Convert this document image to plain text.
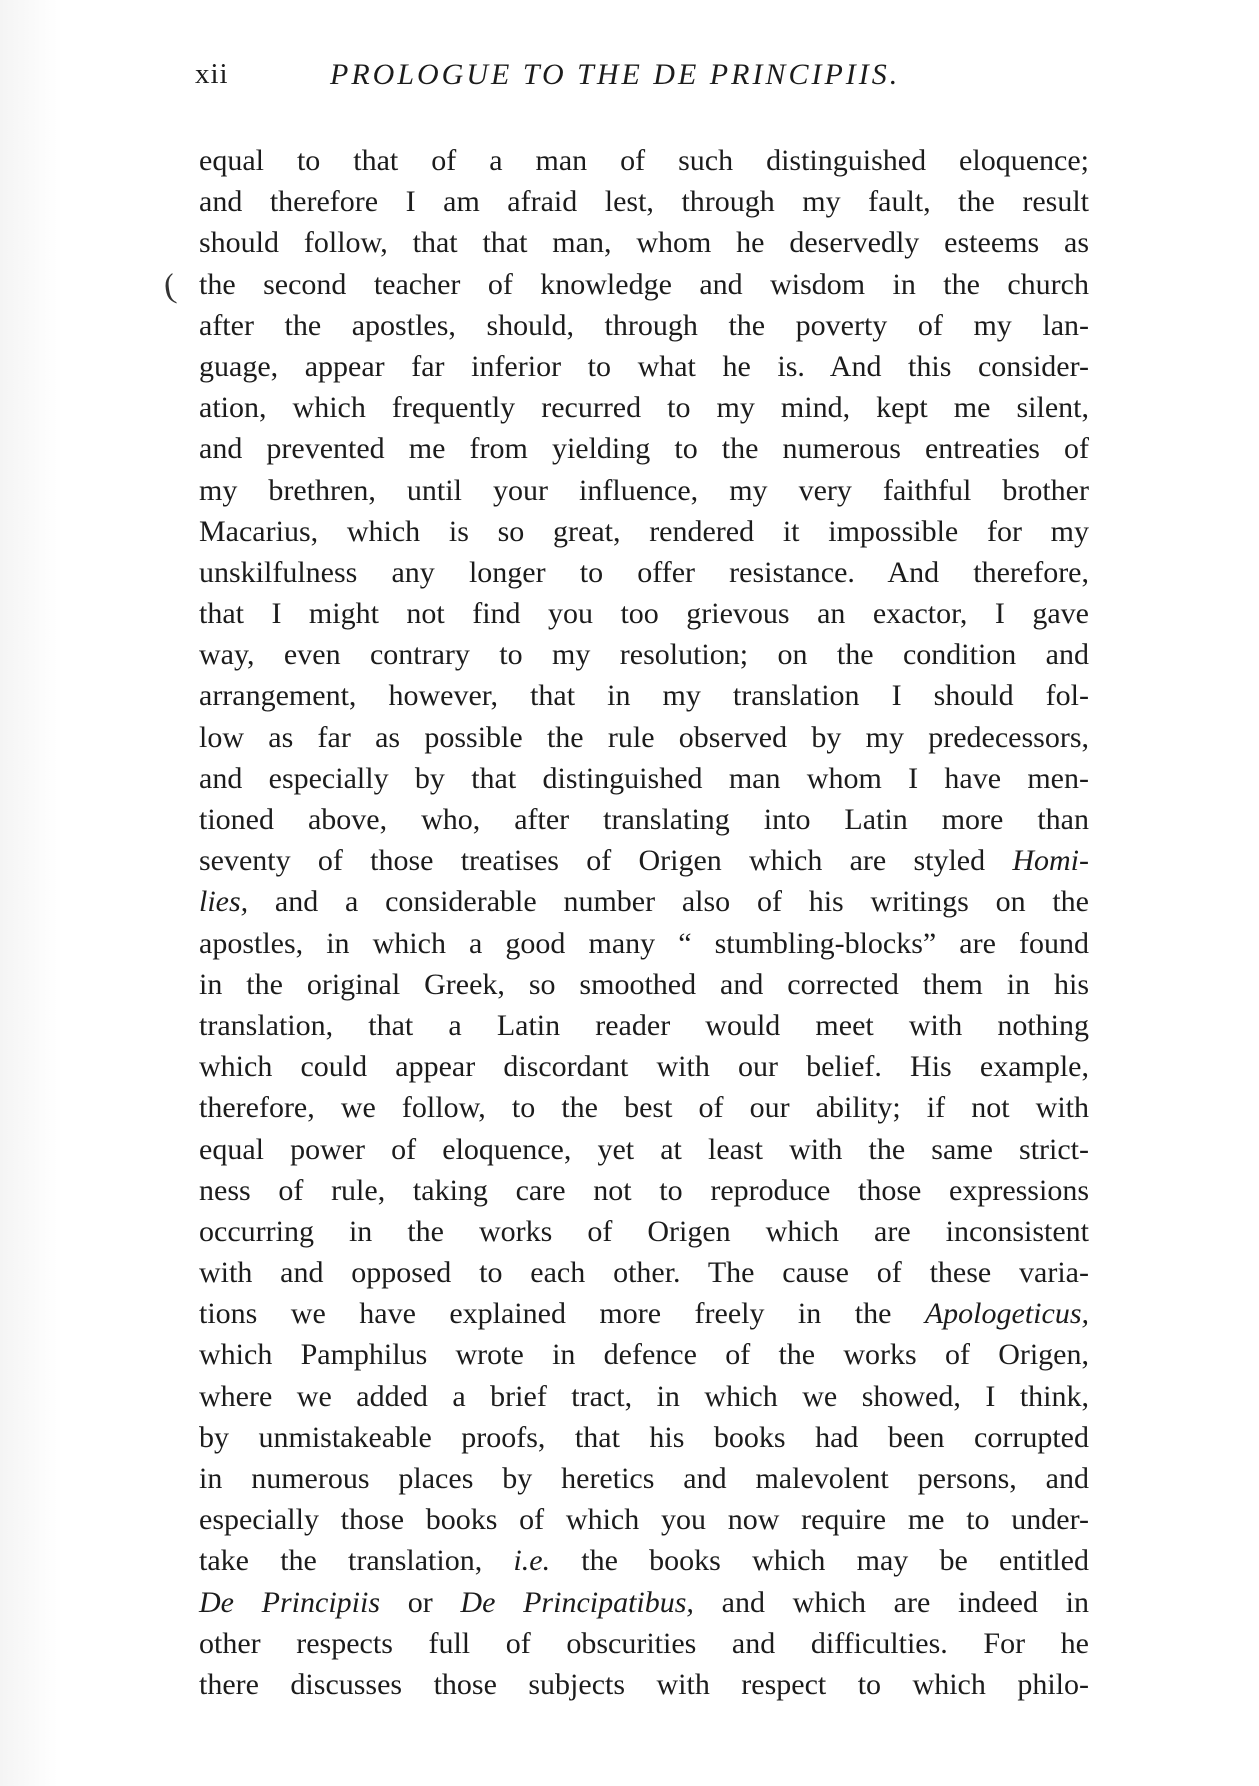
xii	PROLOGUE TO THE DE PRINCIPIIS.
(
equal to that of a man of such distinguished eloquence;
and therefore I am afraid lest, through my fault, the result
should follow, that that man, whom he deservedly esteems as
the second teacher of knowledge and wisdom in the church
after the apostles, should, through the poverty of my lan-
guage, appear far inferior to what he is. And this consider-
ation, which frequently recurred to my mind, kept me silent,
and prevented me from yielding to the numerous entreaties of
my brethren, until your influence, my very faithful brother
Macarius, which is so great, rendered it impossible for my
unskilfulness any longer to offer resistance. And therefore,
that I might not find you too grievous an exactor, I gave
way, even contrary to my resolution; on the condition and
arrangement, however, that in my translation I should fol-
low as far as possible the rule observed by my predecessors,
and especially by that distinguished man whom I have men-
tioned above, who, after translating into Latin more than
seventy of those treatises of Origen which are styled Homi-
lies, and a considerable number also of his writings on the
apostles, in which a good many “ stumbling-blocks” are found
in the original Greek, so smoothed and corrected them in his
translation, that a Latin reader would meet with nothing
which could appear discordant with our belief. His example,
therefore, we follow, to the best of our ability; if not with
equal power of eloquence, yet at least with the same strict-
ness of rule, taking care not to reproduce those expressions
occurring in the works of Origen which are inconsistent
with and opposed to each other. The cause of these varia-
tions we have explained more freely in the Apologeticus,
which Pamphilus wrote in defence of the works of Origen,
where we added a brief tract, in which we showed, I think,
by unmistakeable proofs, that his books had been corrupted
in numerous places by heretics and malevolent persons, and
especially those books of which you now require me to under-
take the translation, i.e. the books which may be entitled
De Principiis or De Principatibus, and which are indeed in
other respects full of obscurities and difficulties. For he
there discusses those subjects with respect to which philo-
